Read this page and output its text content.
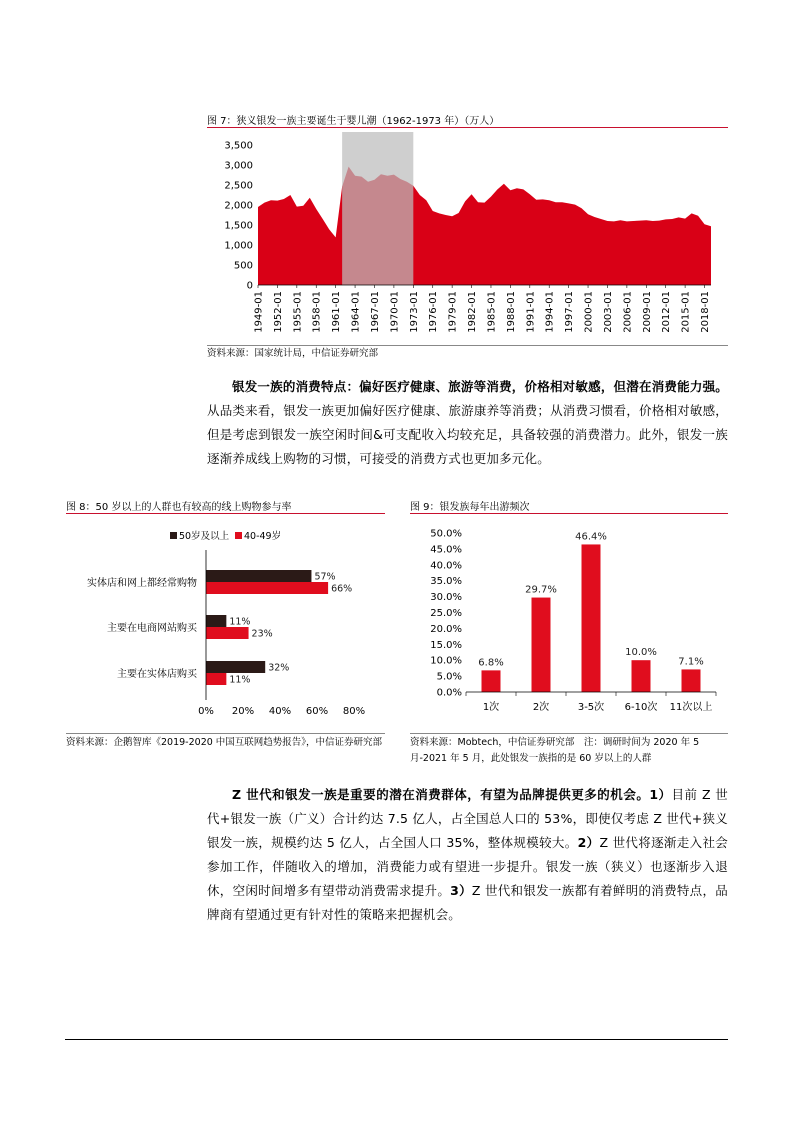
图 7：狭义银发一族主要诞生于婴儿潮（1962-1973 年）（万人）
0
500
1,000
1,500
2,000
2,500
3,000
3,500
1949-01 1952-01 1955-01 1958-01 1961-01 1964-01 1967-01 1970-01 1973-01 1976-01 1979-01 1982-01 1985-01 1988-01 1991-01 1994-01 1997-01 2000-01 2003-01 2006-01 2009-01 2012-01 2015-01 2018-01
资料来源：国家统计局，中信证券研究部
银发一族的消费特点：偏好医疗健康、旅游等消费，价格相对敏感，但潜在消费能力强。从品类来看，银发一族更加偏好医疗健康、旅游康养等消费；从消费习惯看，价格相对敏感，但是考虑到银发一族空闲时间&可支配收入均较充足，具备较强的消费潜力。此外，银发一族逐渐养成线上购物的习惯，可接受的消费方式也更加多元化。
图 8：50 岁以上的人群也有较高的线上购物参与率
50岁及以上 40-49岁
实体店和网上都经常购物
57%
66%
主要在电商网站购买
11%
23%
主要在实体店购买
32%
11%
0% 20% 40% 60% 80%
资料来源：企鹅智库《2019-2020 中国互联网趋势报告》，中信证券研究部
图 9：银发族每年出游频次
0.0%
5.0%
10.0%
15.0%
20.0%
25.0%
30.0%
35.0%
40.0%
45.0%
50.0%
6.8%
29.7%
46.4%
10.0%
7.1%
1次	2次	3-5次 6-10次 11次以上
资料来源：Mobtech，中信证券研究部　注：调研时间为 2020 年 5 月-2021 年 5 月，此处银发一族指的是 60 岁以上的人群
Z 世代和银发一族是重要的潜在消费群体，有望为品牌提供更多的机会。1）目前 Z 世代+银发一族（广义）合计约达 7.5 亿人，占全国总人口的 53%，即使仅考虑 Z 世代+狭义银发一族，规模约达 5 亿人，占全国人口 35%，整体规模较大。2）Z 世代将逐渐走入社会参加工作，伴随收入的增加，消费能力或有望进一步提升。银发一族（狭义）也逐渐步入退休，空闲时间增多有望带动消费需求提升。3）Z 世代和银发一族都有着鲜明的消费特点，品牌商有望通过更有针对性的策略来把握机会。
